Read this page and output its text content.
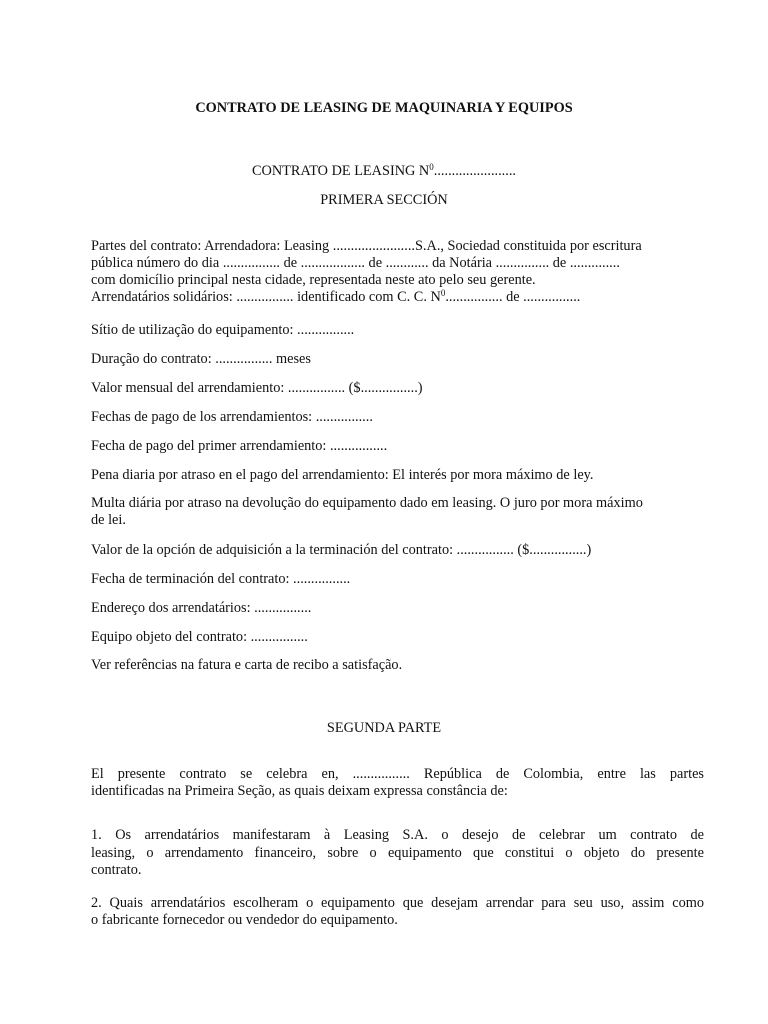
CONTRATO DE LEASING DE MAQUINARIA Y EQUIPOS
CONTRATO DE LEASING $N^0$.......................
PRIMERA SECCIÓN
Partes del contrato: Arrendadora: Leasing .......................S.A., Sociedad constituida por escritura
pública número do dia ................ de .................. de ............ da Notária ............... de ..............
com domicílio principal nesta cidade, representada neste ato pelo seu gerente.
Arrendatários solidários: ................ identificado com C. C. $N^0$................ de ................
Sítio de utilização do equipamento: ................
Duração do contrato: ................ meses
Valor mensual del arrendamiento: ................ ($................)
Fechas de pago de los arrendamientos: ................
Fecha de pago del primer arrendamiento: ................
Pena diaria por atraso en el pago del arrendamiento: El interés por mora máximo de ley.
Multa diária por atraso na devolução do equipamento dado em leasing. O juro por mora máximo
de lei.
Valor de la opción de adquisición a la terminación del contrato: ................ ($................)
Fecha de terminación del contrato: ................
Endereço dos arrendatários: ................
Equipo objeto del contrato: ................
Ver referências na fatura e carta de recibo a satisfação.
SEGUNDA PARTE
El presente contrato se celebra en, ................ República de Colombia, entre las partes
identificadas na Primeira Seção, as quais deixam expressa constância de:
1. Os arrendatários manifestaram à Leasing S.A. o desejo de celebrar um contrato de
leasing, o arrendamento financeiro, sobre o equipamento que constitui o objeto do presente
contrato.
2. Quais arrendatários escolheram o equipamento que desejam arrendar para seu uso, assim como
o fabricante fornecedor ou vendedor do equipamento.
